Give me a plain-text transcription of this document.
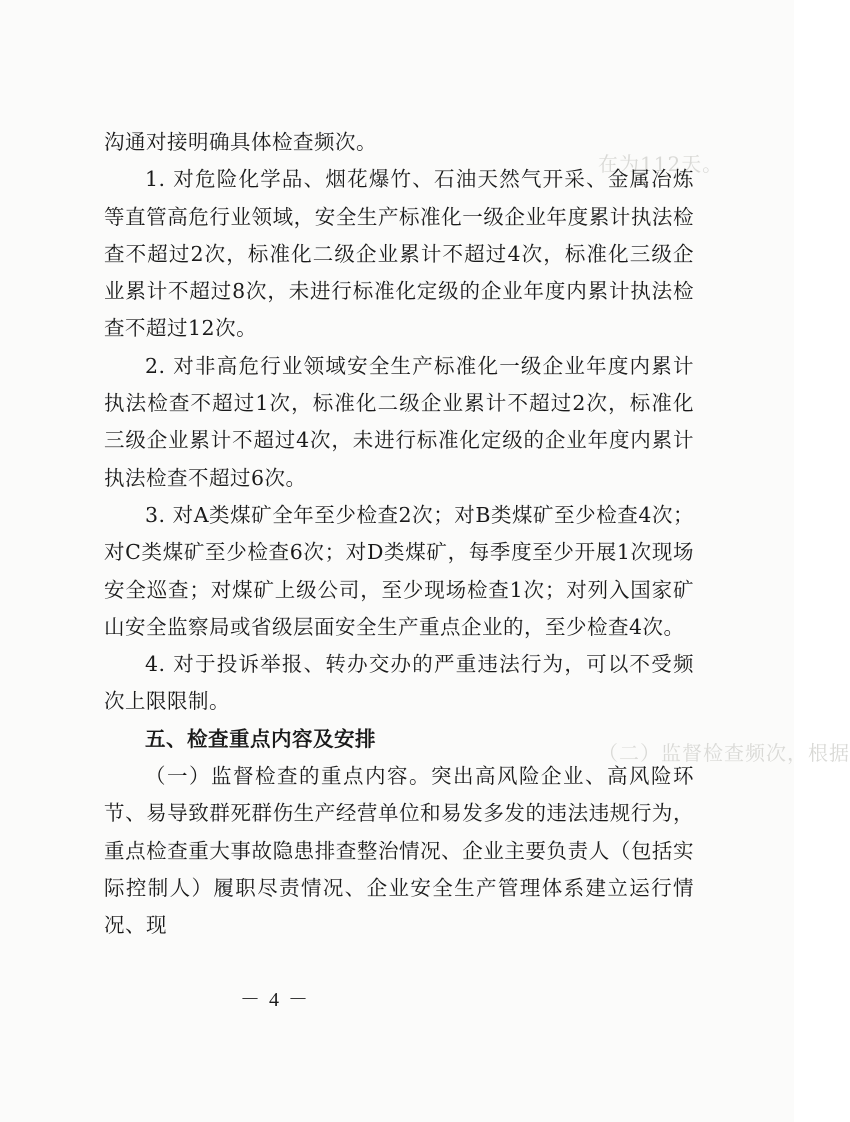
在为112天。
（二）监督检查频次，根据

沟通对接明确具体检查频次。

1. 对危险化学品、烟花爆竹、石油天然气开采、金属冶炼等直管高危行业领域，安全生产标准化一级企业年度累计执法检查不超过2次，标准化二级企业累计不超过4次，标准化三级企业累计不超过8次，未进行标准化定级的企业年度内累计执法检查不超过12次。

2. 对非高危行业领域安全生产标准化一级企业年度内累计执法检查不超过1次，标准化二级企业累计不超过2次，标准化三级企业累计不超过4次，未进行标准化定级的企业年度内累计执法检查不超过6次。

3. 对A类煤矿全年至少检查2次；对B类煤矿至少检查4次；对C类煤矿至少检查6次；对D类煤矿，每季度至少开展1次现场安全巡查；对煤矿上级公司，至少现场检查1次；对列入国家矿山安全监察局或省级层面安全生产重点企业的，至少检查4次。

4. 对于投诉举报、转办交办的严重违法行为，可以不受频次上限限制。

五、检查重点内容及安排

（一）监督检查的重点内容。突出高风险企业、高风险环节、易导致群死群伤生产经营单位和易发多发的违法违规行为，重点检查重大事故隐患排查整治情况、企业主要负责人（包括实际控制人）履职尽责情况、企业安全生产管理体系建立运行情况、现

－ 4 －
